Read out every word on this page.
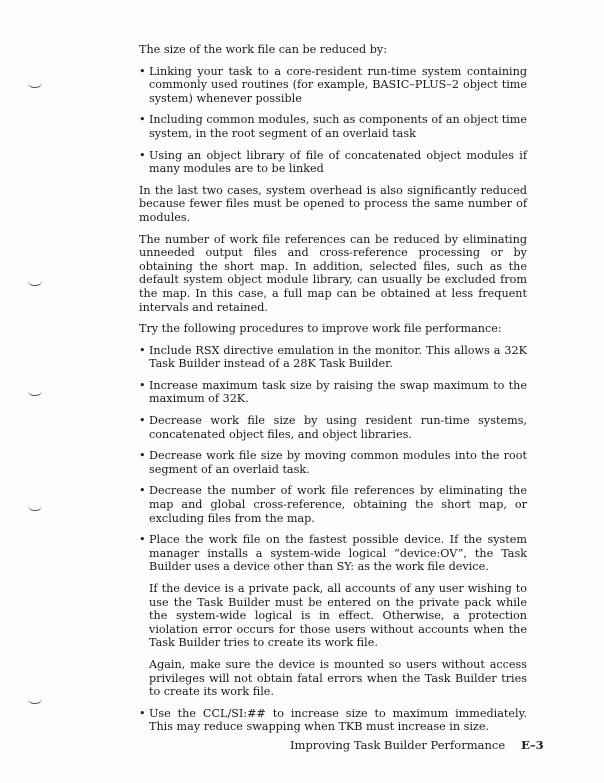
The size of the work file can be reduced by:

• Linking your task to a core-resident run-time system containing commonly used routines (for example, BASIC–PLUS–2 object time system) whenever possible
• Including common modules, such as components of an object time system, in the root segment of an overlaid task
• Using an object library of file of concatenated object modules if many modules are to be linked

In the last two cases, system overhead is also significantly reduced because fewer files must be opened to process the same number of modules.

The number of work file references can be reduced by eliminating unneeded output files and cross-reference processing or by obtaining the short map. In addition, selected files, such as the default system object module library, can usually be excluded from the map. In this case, a full map can be obtained at less frequent intervals and retained.

Try the following procedures to improve work file performance:

• Include RSX directive emulation in the monitor. This allows a 32K Task Builder instead of a 28K Task Builder.
• Increase maximum task size by raising the swap maximum to the maximum of 32K.
• Decrease work file size by using resident run-time systems, concatenated object files, and object libraries.
• Decrease work file size by moving common modules into the root segment of an overlaid task.
• Decrease the number of work file references by eliminating the map and global cross-reference, obtaining the short map, or excluding files from the map.
• Place the work file on the fastest possible device. If the system manager installs a system-wide logical “device:OV”, the Task Builder uses a device other than SY: as the work file device.

If the device is a private pack, all accounts of any user wishing to use the Task Builder must be entered on the private pack while the system-wide logical is in effect. Otherwise, a protection violation error occurs for those users without accounts when the Task Builder tries to create its work file.

Again, make sure the device is mounted so users without access privileges will not obtain fatal errors when the Task Builder tries to create its work file.

• Use the CCL/SI:## to increase size to maximum immediately. This may reduce swapping when TKB must increase in size.
Improving Task Builder Performance E–3
